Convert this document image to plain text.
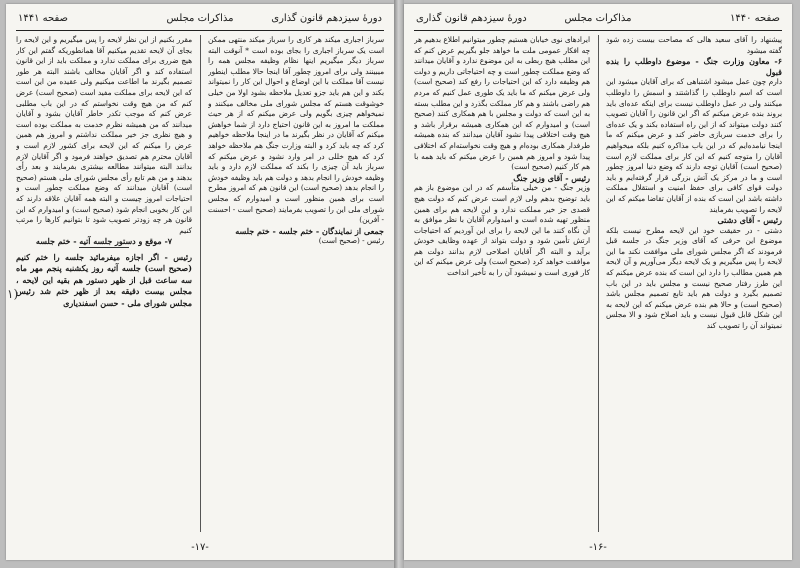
دورهٔ سیزدهم قانون گذاری
مذاکرات مجلس
صفحه ۱۴۴۱

سرباز اجباری میکند هر کاری را سرباز میکند منتهی ممکن است یک سرباز اجباری را بجای بوده است * آنوقت البته سرباز دیگر میگیریم اینها نظام وظیفه مجلس همه را میبینند ولی برای امروز چطور آقا اینجا حالا مطلب اینطور نیست آقا مملکت با این اوضاع و احوال این کار را نمیتواند بکند و این هم باید جزو تعدیل ملاحظه بشود اولا من خیلی خوشوقت هستم که مجلس شورای ملی مخالف میکنند و نمیخواهم چیزی بگویم ولی عرض میکنم که از هر حیث مملکت ما امروز به این قانون احتیاج دارد از شما خواهش میکنم که آقایان در نظر بگیرند ما در اینجا ملاحظه خواهیم کرد که چه باید کرد و البته وزارت جنگ هم ملاحظه خواهد کرد که هیچ خللی در امر وارد نشود و عرض میکنم که سرباز باید آن چیزی را بکند که مملکت لازم دارد و باید وظیفه خودش را انجام بدهد و دولت هم باید وظیفه خودش را انجام بدهد (صحیح است) این قانون هم که امروز مطرح است برای همین منظور است و امیدوارم که مجلس شورای ملی این را تصویب بفرمایند (صحیح است - احسنت - آفرین)

جمعی از نمایندگان - ختم جلسه - ختم جلسه

رئیس - (صحیح است)

مقرر بکنیم از این نظر لایحه را پس میگیریم و این لایحه را بجای آن لایحه تقدیم میکنیم آقا همانطوریکه گفتم این کار هیچ ضرری برای مملکت ندارد و مملکت باید از این قانون استفاده کند و اگر آقایان مخالف باشند البته هر طور تصمیم بگیرند ما اطاعت میکنیم ولی عقیده من این است که این لایحه برای مملکت مفید است (صحیح است) عرض کنم که من هیچ وقت نخواستم که در این باب مطلبی عرض کنم که موجب تکدر خاطر آقایان بشود و آقایان میدانند که من همیشه نظرم خدمت به مملکت بوده است و هیچ نظری جز خیر مملکت نداشتم و امروز هم همین عرض را میکنم که این لایحه برای کشور لازم است و آقایان محترم هم تصدیق خواهند فرمود و اگر آقایان لازم بدانند البته میتوانند مطالعه بیشتری بفرمایند و بعد رأی بدهند و من هم تابع رأی مجلس شورای ملی هستم (صحیح است) آقایان میدانند که وضع مملکت چطور است و احتیاجات امروز چیست و البته همه آقایان علاقه دارند که این کار بخوبی انجام شود (صحیح است) و امیدوارم که این قانون هر چه زودتر تصویب شود تا بتوانیم کارها را مرتب کنیم

۷- موقع و دستور جلسه آتیه - ختم جلسه

رئیس - اگر اجازه میفرمائید جلسه را ختم کنیم (صحیح است) جلسه آتیه روز یکشنبه پنجم مهر ماه سه ساعت قبل از ظهر دستور هم بقیه این لایحه ، مجلس بیست دقیقه بعد از ظهر ختم شد رئیس مجلس شورای ملی - حسن اسفندیاری

۱)
-۱۷-
دورهٔ سیزدهم قانون گذاری	مذاکرات مجلس	صفحه ۱۴۴۰

پیشنهاد را آقای سعید هالی که مصاحت بیست زده شود گفته میشود

۶- معاون وزارت جنگ - موضوع داوطلب را بنده قبول

دارم چون عمل میشود اشتباهی که برای آقایان میشود این است که اسم داوطلب را گذاشتند و اسمش را داوطلب میکنند ولی در عمل داوطلب نیست برای اینکه عده‌ای باید بروند بنده عرض میکنم که اگر این قانون را آقایان تصویب کنند دولت میتواند که از این راه استفاده بکند و یک عده‌ای را برای خدمت سربازی حاضر کند و عرض میکنم که ما اینجا نیامده‌ایم که در این باب مذاکره کنیم بلکه میخواهیم آقایان را متوجه کنیم که این کار برای مملکت لازم است (صحیح است) آقایان توجه دارند که وضع دنیا امروز چطور است و ما در مرکز یک آتش بزرگی قرار گرفته‌ایم و باید دولت قوای کافی برای حفظ امنیت و استقلال مملکت داشته باشد این است که بنده از آقایان تقاضا میکنم که این لایحه را تصویب بفرمایند

رئیس - آقای دشتی

دشتی - در حقیقت خود این لایحه مطرح نیست بلکه موضوع این حرفی که آقای وزیر جنگ در جلسه قبل فرمودند که اگر مجلس شورای ملی موافقت نکند ما این لایحه را پس میگیریم و یک لایحه دیگر می‌آوریم و آن لایحه هم همین مطالب را دارد این است که بنده عرض میکنم که این طرز رفتار صحیح نیست و مجلس باید در این باب تصمیم بگیرد و دولت هم باید تابع تصمیم مجلس باشد (صحیح است) و حالا هم بنده عرض میکنم که این لایحه به این شکل قابل قبول نیست و باید اصلاح شود و الا مجلس نمیتواند آن را تصویب کند

ایرادهای نوی خیابان هستیم چطور میتوانیم اطلاع بدهیم هر چه افکار عمومی ملت ما خواهد جلو بگیریم عرض کنم که این مطلب هیچ ربطی به این موضوع ندارد و آقایان میدانند که وضع مملکت چطور است و چه احتیاجاتی داریم و دولت هم وظیفه دارد که این احتیاجات را رفع کند (صحیح است) ولی عرض میکنم که ما باید یک طوری عمل کنیم که مردم هم راضی باشند و هم کار مملکت بگذرد و این مطلب بسته به این است که دولت و مجلس با هم همکاری کنند (صحیح است) و امیدوارم که این همکاری همیشه برقرار باشد و هیچ وقت اختلافی پیدا نشود آقایان میدانند که بنده همیشه طرفدار همکاری بوده‌ام و هیچ وقت نخواسته‌ام که اختلافی پیدا شود و امروز هم همین را عرض میکنم که باید همه با هم کار کنیم (صحیح است)

رئیس - آقای وزیر جنگ

وزیر جنگ - من خیلی متأسفم که در این موضوع باز هم باید توضیح بدهم ولی لازم است عرض کنم که دولت هیچ قصدی جز خیر مملکت ندارد و این لایحه هم برای همین منظور تهیه شده است و امیدوارم آقایان با نظر موافق به آن نگاه کنند ما این لایحه را برای این آوردیم که احتیاجات ارتش تأمین شود و دولت بتواند از عهده وظایف خودش برآید و البته اگر آقایان اصلاحی لازم بدانند دولت هم موافقت خواهد کرد (صحیح است) ولی عرض میکنم که این کار فوری است و نمیشود آن را به تأخیر انداخت

-۱۶-
